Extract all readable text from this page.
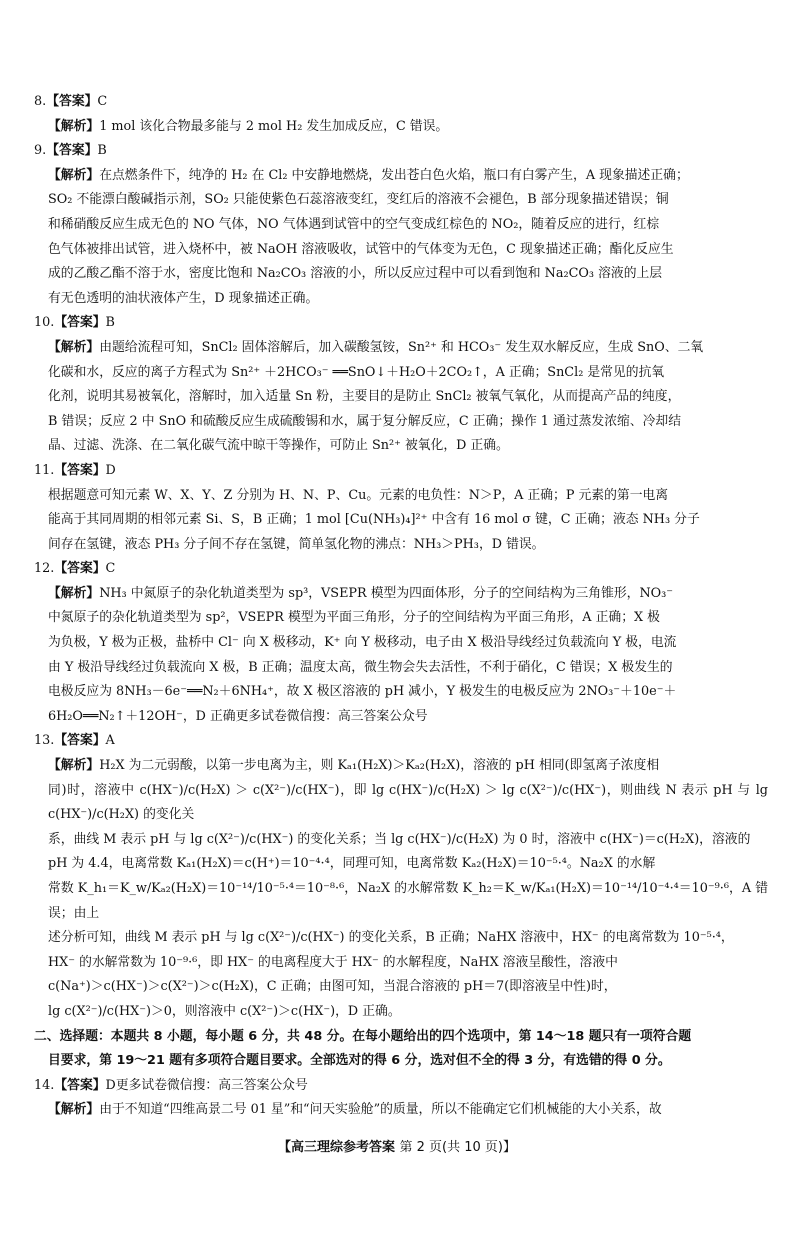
8.【答案】C

【解析】1 mol 该化合物最多能与 2 mol H₂ 发生加成反应，C 错误。

9.【答案】B

【解析】在点燃条件下，纯净的 H₂ 在 Cl₂ 中安静地燃烧，发出苍白色火焰，瓶口有白雾产生，A 现象描述正确；

SO₂ 不能漂白酸碱指示剂，SO₂ 只能使紫色石蕊溶液变红，变红后的溶液不会褪色，B 部分现象描述错误；铜

和稀硝酸反应生成无色的 NO 气体，NO 气体遇到试管中的空气变成红棕色的 NO₂，随着反应的进行，红棕

色气体被排出试管，进入烧杯中，被 NaOH 溶液吸收，试管中的气体变为无色，C 现象描述正确；酯化反应生

成的乙酸乙酯不溶于水，密度比饱和 Na₂CO₃ 溶液的小，所以反应过程中可以看到饱和 Na₂CO₃ 溶液的上层

有无色透明的油状液体产生，D 现象描述正确。

10.【答案】B

【解析】由题给流程可知，SnCl₂ 固体溶解后，加入碳酸氢铵，Sn²⁺ 和 HCO₃⁻ 发生双水解反应，生成 SnO、二氧

化碳和水，反应的离子方程式为 Sn²⁺ ＋2HCO₃⁻ ══SnO↓＋H₂O＋2CO₂↑，A 正确；SnCl₂ 是常见的抗氧

化剂，说明其易被氧化，溶解时，加入适量 Sn 粉，主要目的是防止 SnCl₂ 被氧气氧化，从而提高产品的纯度，

B 错误；反应 2 中 SnO 和硫酸反应生成硫酸锡和水，属于复分解反应，C 正确；操作 1 通过蒸发浓缩、冷却结

晶、过滤、洗涤、在二氧化碳气流中晾干等操作，可防止 Sn²⁺ 被氧化，D 正确。

11.【答案】D

根据题意可知元素 W、X、Y、Z 分别为 H、N、P、Cu。元素的电负性：N＞P，A 正确；P 元素的第一电离

能高于其同周期的相邻元素 Si、S，B 正确；1 mol [Cu(NH₃)₄]²⁺ 中含有 16 mol σ 键，C 正确；液态 NH₃ 分子

间存在氢键，液态 PH₃ 分子间不存在氢键，简单氢化物的沸点：NH₃＞PH₃，D 错误。

12.【答案】C

【解析】NH₃ 中氮原子的杂化轨道类型为 sp³，VSEPR 模型为四面体形，分子的空间结构为三角锥形，NO₃⁻

中氮原子的杂化轨道类型为 sp²，VSEPR 模型为平面三角形，分子的空间结构为平面三角形，A 正确；X 极

为负极，Y 极为正极，盐桥中 Cl⁻ 向 X 极移动，K⁺ 向 Y 极移动，电子由 X 极沿导线经过负载流向 Y 极，电流

由 Y 极沿导线经过负载流向 X 极，B 正确；温度太高，微生物会失去活性，不利于硝化，C 错误；X 极发生的

电极反应为 8NH₃－6e⁻══N₂＋6NH₄⁺，故 X 极区溶液的 pH 减小，Y 极发生的电极反应为 2NO₃⁻＋10e⁻＋

6H₂O══N₂↑＋12OH⁻，D 正确更多试卷微信搜：高三答案公众号

13.【答案】A

【解析】H₂X 为二元弱酸，以第一步电离为主，则 Kₐ₁(H₂X)＞Kₐ₂(H₂X)，溶液的 pH 相同(即氢离子浓度相

同)时，溶液中 c(HX⁻)/c(H₂X) ＞ c(X²⁻)/c(HX⁻)，即 lg c(HX⁻)/c(H₂X) ＞ lg c(X²⁻)/c(HX⁻)，则曲线 N 表示 pH 与 lg c(HX⁻)/c(H₂X) 的变化关

系，曲线 M 表示 pH 与 lg c(X²⁻)/c(HX⁻) 的变化关系；当 lg c(HX⁻)/c(H₂X) 为 0 时，溶液中 c(HX⁻)＝c(H₂X)，溶液的

pH 为 4.4，电离常数 Kₐ₁(H₂X)＝c(H⁺)＝10⁻⁴·⁴，同理可知，电离常数 Kₐ₂(H₂X)＝10⁻⁵·⁴。Na₂X 的水解

常数 K_h₁＝K_w/Kₐ₂(H₂X)＝10⁻¹⁴/10⁻⁵·⁴＝10⁻⁸·⁶，Na₂X 的水解常数 K_h₂＝K_w/Kₐ₁(H₂X)＝10⁻¹⁴/10⁻⁴·⁴＝10⁻⁹·⁶，A 错误；由上

述分析可知，曲线 M 表示 pH 与 lg c(X²⁻)/c(HX⁻) 的变化关系，B 正确；NaHX 溶液中，HX⁻ 的电离常数为 10⁻⁵·⁴，

HX⁻ 的水解常数为 10⁻⁹·⁶，即 HX⁻ 的电离程度大于 HX⁻ 的水解程度，NaHX 溶液呈酸性，溶液中

c(Na⁺)＞c(HX⁻)＞c(X²⁻)＞c(H₂X)，C 正确；由图可知，当混合溶液的 pH＝7(即溶液呈中性)时，

lg c(X²⁻)/c(HX⁻)＞0，则溶液中 c(X²⁻)＞c(HX⁻)，D 正确。

二、选择题：本题共 8 小题，每小题 6 分，共 48 分。在每小题给出的四个选项中，第 14～18 题只有一项符合题
目要求，第 19～21 题有多项符合题目要求。全部选对的得 6 分，选对但不全的得 3 分，有选错的得 0 分。
14.【答案】D更多试卷微信搜：高三答案公众号

【解析】由于不知道“四维高景二号 01 星”和“问天实验舱”的质量，所以不能确定它们机械能的大小关系，故

【高三理综参考答案 第 2 页(共 10 页)】
